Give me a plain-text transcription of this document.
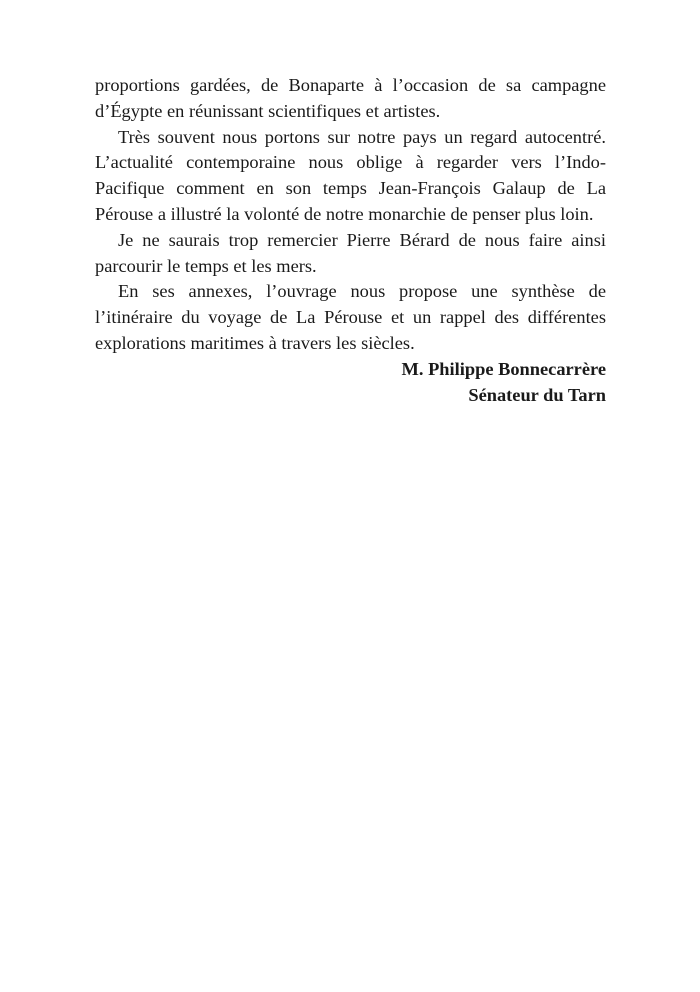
proportions gardées, de Bonaparte à l’occasion de sa campagne d’Égypte en réunissant scientifiques et artistes.

Très souvent nous portons sur notre pays un regard autocentré. L’actualité contemporaine nous oblige à regarder vers l’Indo-Pacifique comment en son temps Jean-François Galaup de La Pérouse a illustré la volonté de notre monarchie de penser plus loin.

Je ne saurais trop remercier Pierre Bérard de nous faire ainsi parcourir le temps et les mers.

En ses annexes, l’ouvrage nous propose une synthèse de l’itinéraire du voyage de La Pérouse et un rappel des différentes explorations maritimes à travers les siècles.

M. Philippe Bonnecarrère

Sénateur du Tarn
